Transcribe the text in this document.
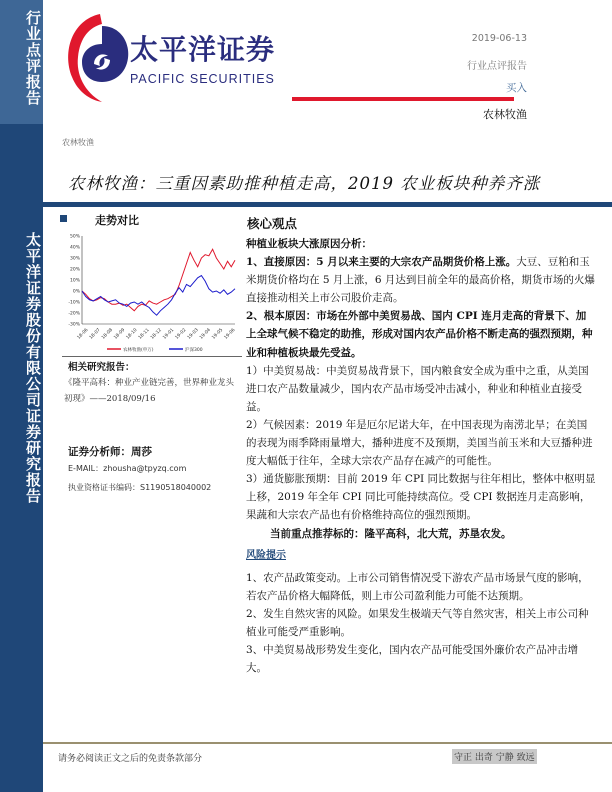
行业点评报告
太平洋证券股份有限公司证券研究报告
太平洋证券
PACIFIC SECURITIES
2019-06-13
行业点评报告
买入
农林牧渔
农林牧渔
农林牧渔：三重因素助推种植走高，2019 农业板块种养齐涨
走势对比
50%
40%
30%
20%
10%
0%
-10%
-20%
-30%
18-06 18-07 18-08 18-09 18-10 18-11 18-12 19-01 19-02 19-03 19-04 19-05 19-06
农林牧渔(申万)	沪深300
相关研究报告：
《隆平高科：种业产业链完善，世界种业龙头初现》——2018/09/16
证券分析师：周莎
E-MAIL：zhousha@tpyzq.com
执业资格证书编码：S1190518040002
核心观点

种植业板块大涨原因分析：

1、直接原因：5 月以来主要的大宗农产品期货价格上涨。大豆、豆粕和玉米期货价格均在 5 月上涨，6 月达到目前全年的最高价格，期货市场的火爆直接推动相关上市公司股价走高。

2、根本原因：市场在外部中美贸易战、国内 CPI 连月走高的背景下、加上全球气候不稳定的助推，形成对国内农产品价格不断走高的强烈预期，种业和种植板块最先受益。

1）中美贸易战：中美贸易战背景下，国内粮食安全成为重中之重，从美国进口农产品数量减少，国内农产品市场受冲击减小，种业和种植业直接受益。

2）气候因素：2019 年是厄尔尼诺大年，在中国表现为南涝北旱；在美国的表现为雨季降雨量增大，播种进度不及预期，美国当前玉米和大豆播种进度大幅低于往年，全球大宗农产品存在减产的可能性。

3）通货膨胀预期：目前 2019 年 CPI 同比数据与往年相比，整体中枢明显上移，2019 年全年 CPI 同比可能持续高位。受 CPI 数据连月走高影响，果蔬和大宗农产品也有价格维持高位的强烈预期。

当前重点推荐标的：隆平高科，北大荒，苏垦农发。

风险提示

1、农产品政策变动。上市公司销售情况受下游农产品市场景气度的影响，若农产品价格大幅降低，则上市公司盈利能力可能不达预期。

2、发生自然灾害的风险。如果发生极端天气等自然灾害，相关上市公司种植业可能受严重影响。

3、中美贸易战形势发生变化，国内农产品可能受国外廉价农产品冲击增大。

请务必阅读正文之后的免责条款部分	守正 出奇 宁静 致远
